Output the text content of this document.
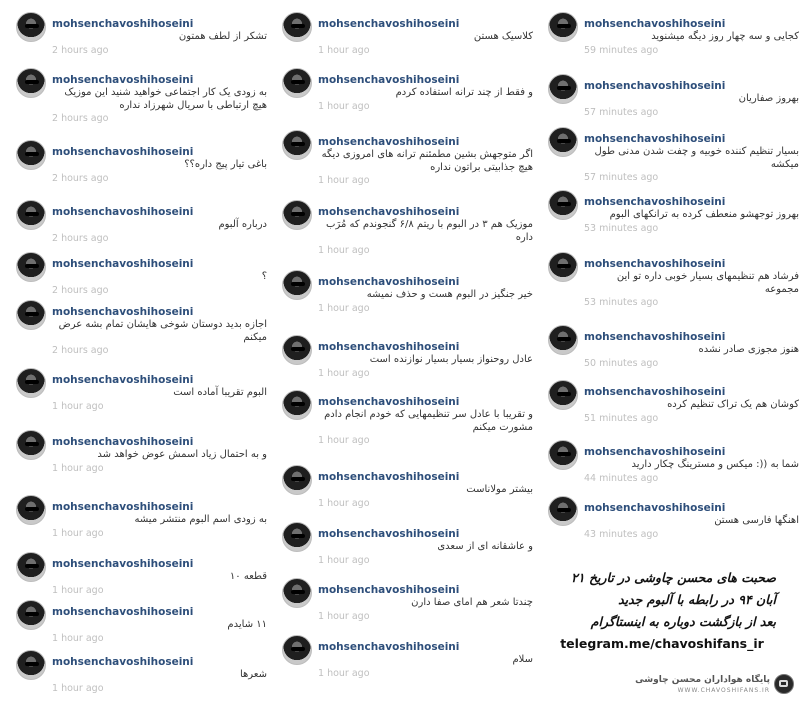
mohsenchavoshihoseini
تشکر از لطف همتون
2 hours ago
mohsenchavoshihoseini
به زودی یک کار اجتماعی خواهید شنید این موزیک هیچ ارتباطی با سریال شهرزاد نداره
2 hours ago
mohsenchavoshihoseini
باغی تیار پیج داره؟؟
2 hours ago
mohsenchavoshihoseini
درباره آلبوم
2 hours ago
mohsenchavoshihoseini
؟
2 hours ago
mohsenchavoshihoseini
اجازه بدید دوستان شوخی هایشان تمام بشه عرض میکنم
2 hours ago
mohsenchavoshihoseini
البوم تقریبا آماده است
1 hour ago
mohsenchavoshihoseini
و به احتمال زیاد اسمش عوض خواهد شد
1 hour ago
mohsenchavoshihoseini
به زودی اسم البوم منتشر میشه
1 hour ago
mohsenchavoshihoseini
قطعه ۱۰
1 hour ago
mohsenchavoshihoseini
۱۱ شایدم
1 hour ago
mohsenchavoshihoseini
شعرها
1 hour ago
mohsenchavoshihoseini
کلاسیک هستن
1 hour ago
mohsenchavoshihoseini
و فقط از چند ترانه استفاده کردم
1 hour ago
mohsenchavoshihoseini
اگر متوجهش بشین مطمئنم ترانه های امروزی دیگه هیچ جذابیتی براتون نداره
1 hour ago
mohsenchavoshihoseini
موزیک هم ۳ در البوم با ریتم ۶/۸ گنجوندم که مُرَب داره
1 hour ago
mohsenchavoshihoseini
خیر جنگیز در البوم هست و حذف نمیشه
1 hour ago
mohsenchavoshihoseini
عادل روحنواز بسیار بسیار نوازنده است
1 hour ago
mohsenchavoshihoseini
و تقریبا با عادل سر تنظیمهایی که خودم انجام دادم مشورت میکنم
1 hour ago
mohsenchavoshihoseini
بیشتر مولاناست
1 hour ago
mohsenchavoshihoseini
و عاشقانه ای از سعدی
1 hour ago
mohsenchavoshihoseini
چندتا شعر هم امای صفا دارن
1 hour ago
mohsenchavoshihoseini
سلام
1 hour ago
mohsenchavoshihoseini
کجایی و سه چهار روز دیگه میشنوید
59 minutes ago
mohsenchavoshihoseini
بهروز صفاریان
57 minutes ago
mohsenchavoshihoseini
بسیار تنظیم کننده خوبیه و چفت شدن مدنی طول میکشه
57 minutes ago
mohsenchavoshihoseini
بهروز توجهشو منعطف کرده به ترانکهای البوم
53 minutes ago
mohsenchavoshihoseini
فرشاد هم تنظیمهای بسیار خوبی داره تو این مجموعه
53 minutes ago
mohsenchavoshihoseini
هنوز مجوزی صادر نشده
50 minutes ago
mohsenchavoshihoseini
کوشان هم یک تراک تنظیم کرده
51 minutes ago
mohsenchavoshihoseini
شما به ((: میکس و مسترینگ چکار دارید
44 minutes ago
mohsenchavoshihoseini
اهنگها فارسی هستن
43 minutes ago
صحبت های محسن چاوشی در تاریخ ۲۱
آبان ۹۴ در رابطه با آلبوم جدید
بعد از بازگشت دوباره به اینستاگرام
telegram.me/chavoshifans_ir
پایگاه هواداران محسن چاوشی
WWW.CHAVOSHIFANS.IR
